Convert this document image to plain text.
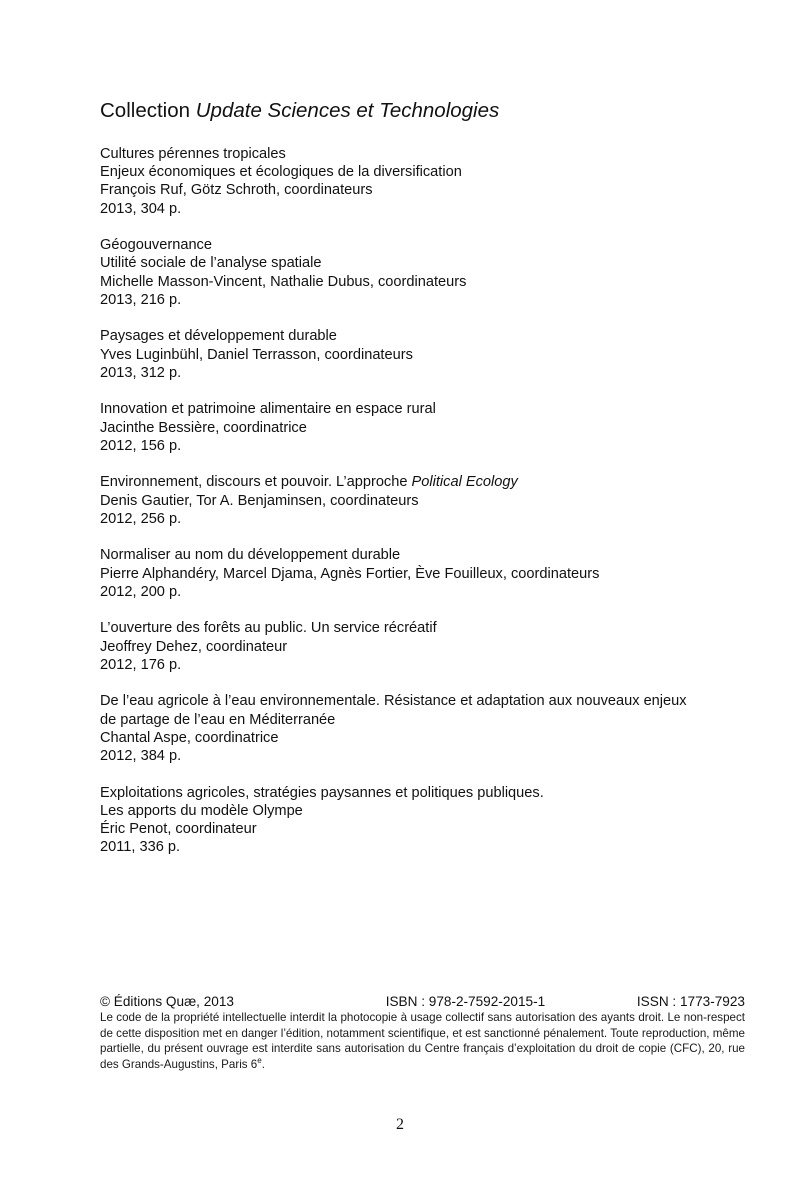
Collection Update Sciences et Technologies
Cultures pérennes tropicales
Enjeux économiques et écologiques de la diversification
François Ruf, Götz Schroth, coordinateurs
2013, 304 p.
Géogouvernance
Utilité sociale de l’analyse spatiale
Michelle Masson-Vincent, Nathalie Dubus, coordinateurs
2013, 216 p.
Paysages et développement durable
Yves Luginbühl, Daniel Terrasson, coordinateurs
2013, 312 p.
Innovation et patrimoine alimentaire en espace rural
Jacinthe Bessière, coordinatrice
2012, 156 p.
Environnement, discours et pouvoir. L’approche Political Ecology
Denis Gautier, Tor A. Benjaminsen, coordinateurs
2012, 256 p.
Normaliser au nom du développement durable
Pierre Alphandéry, Marcel Djama, Agnès Fortier, Ève Fouilleux, coordinateurs
2012, 200 p.
L’ouverture des forêts au public. Un service récréatif
Jeoffrey Dehez, coordinateur
2012, 176 p.
De l’eau agricole à l’eau environnementale. Résistance et adaptation aux nouveaux enjeux
de partage de l’eau en Méditerranée
Chantal Aspe, coordinatrice
2012, 384 p.
Exploitations agricoles, stratégies paysannes et politiques publiques.
Les apports du modèle Olympe
Éric Penot, coordinateur
2011, 336 p.
© Éditions Quæ, 2013	ISBN : 978-2-7592-2015-1	ISSN : 1773-7923

Le code de la propriété intellectuelle interdit la photocopie à usage collectif sans autorisation des ayants droit. Le non-respect de cette disposition met en danger l’édition, notamment scientifique, et est sanctionné pénalement. Toute reproduction, même partielle, du présent ouvrage est interdite sans autorisation du Centre français d’exploitation du droit de copie (CFC), 20, rue des Grands-Augustins, Paris 6e.

2
